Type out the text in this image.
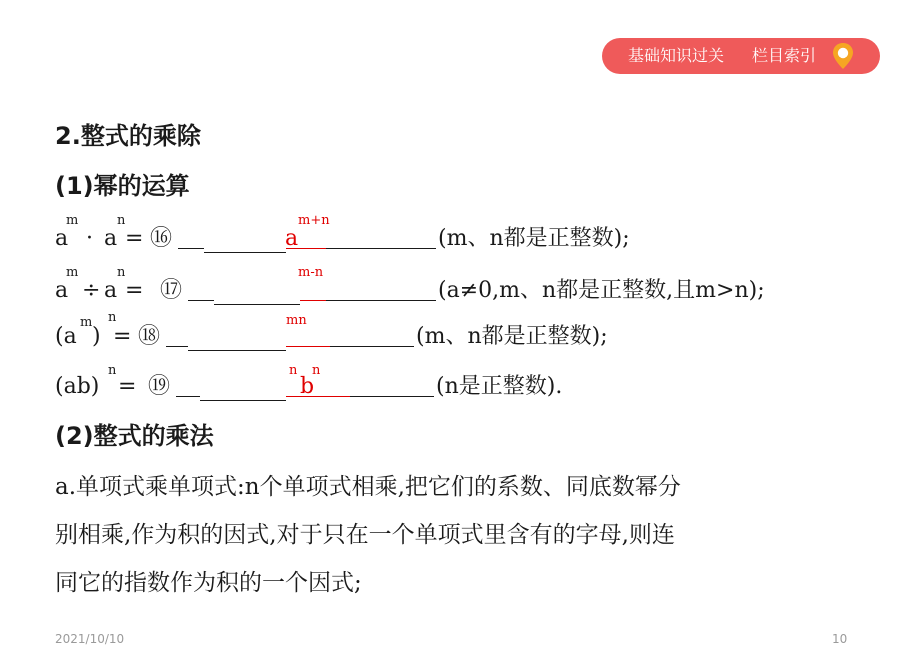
基础知识过关 栏目索引
2.整式的乘除
(1)幂的运算
m	n	m+n
a · a = ⑯	a	(m、n都是正整数);
m	n	m-n
a ÷ a = ⑰	(a≠0,m、n都是正整数,且m>n);
m n	mn
(a ) = ⑱	(m、n都是正整数);
n	n n
(ab) = ⑲	b	(n是正整数).
(2)整式的乘法
a.单项式乘单项式:n个单项式相乘,把它们的系数、同底数幂分
别相乘,作为积的因式,对于只在一个单项式里含有的字母,则连
同它的指数作为积的一个因式;
2021/10/10	10
